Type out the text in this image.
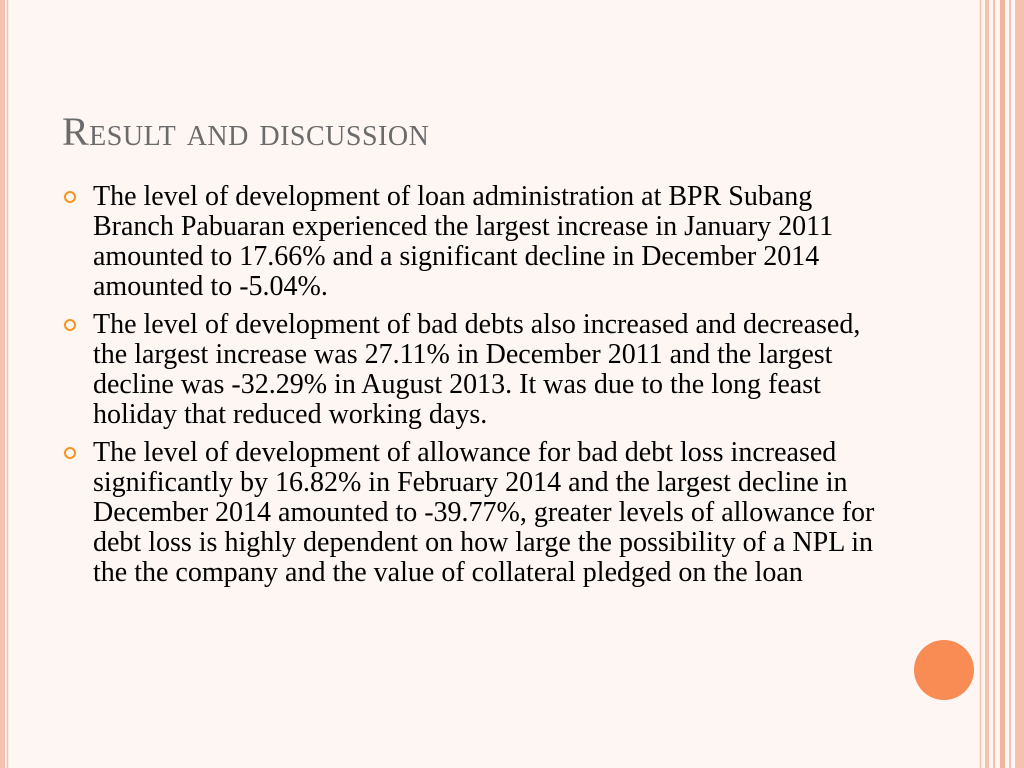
Result and discussion
The level of development of loan administration at BPR Subang Branch Pabuaran experienced the largest increase in January 2011 amounted to 17.66% and a significant decline in December 2014 amounted to -5.04%.
The level of development of bad debts also increased and decreased, the largest increase was 27.11% in December 2011 and the largest decline was -32.29% in August 2013. It was due to the long feast holiday that reduced working days.
The level of development of allowance for bad debt loss increased significantly by 16.82% in February 2014 and the largest decline in December 2014 amounted to -39.77%, greater levels of allowance for debt loss is highly dependent on how large the possibility of a NPL in the the company and the value of collateral pledged on the loan
